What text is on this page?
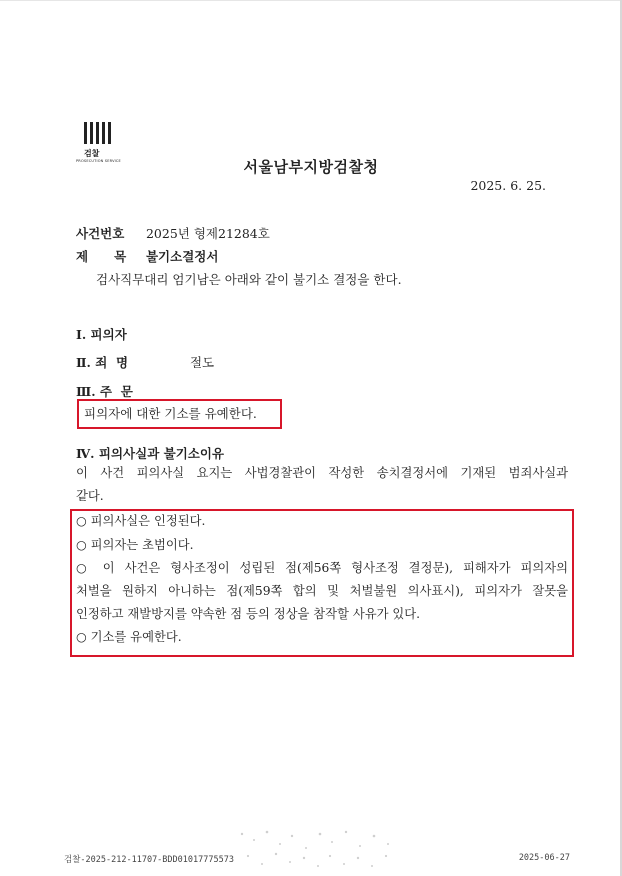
검찰
PROSECUTION SERVICE	서울남부지방검찰청
2025. 6. 25.
사건번호 2025년 형제21284호
제      목 불기소결정서
검사직무대리 엄기남은 아래와 같이 불기소 결정을 한다.
Ⅰ. 피의자
Ⅱ. 죄  명	절도
Ⅲ. 주  문
피의자에 대한 기소를 유예한다.
Ⅳ. 피의사실과 불기소이유
이 사건 피의사실 요지는 사법경찰관이 작성한 송치결정서에 기재된 범죄사실과
같다.
○ 피의사실은 인정된다.
○ 피의자는 초범이다.
○ 이 사건은 형사조정이 성립된 점(제56쪽 형사조정 결정문), 피해자가 피의자의
처벌을 원하지 아니하는 점(제59쪽 합의 및 처벌불원 의사표시), 피의자가 잘못을
인정하고 재발방지를 약속한 점 등의 정상을 참작할 사유가 있다.
○ 기소를 유예한다.
검찰-2025-212-11707-BDD01017775573	2025-06-27
